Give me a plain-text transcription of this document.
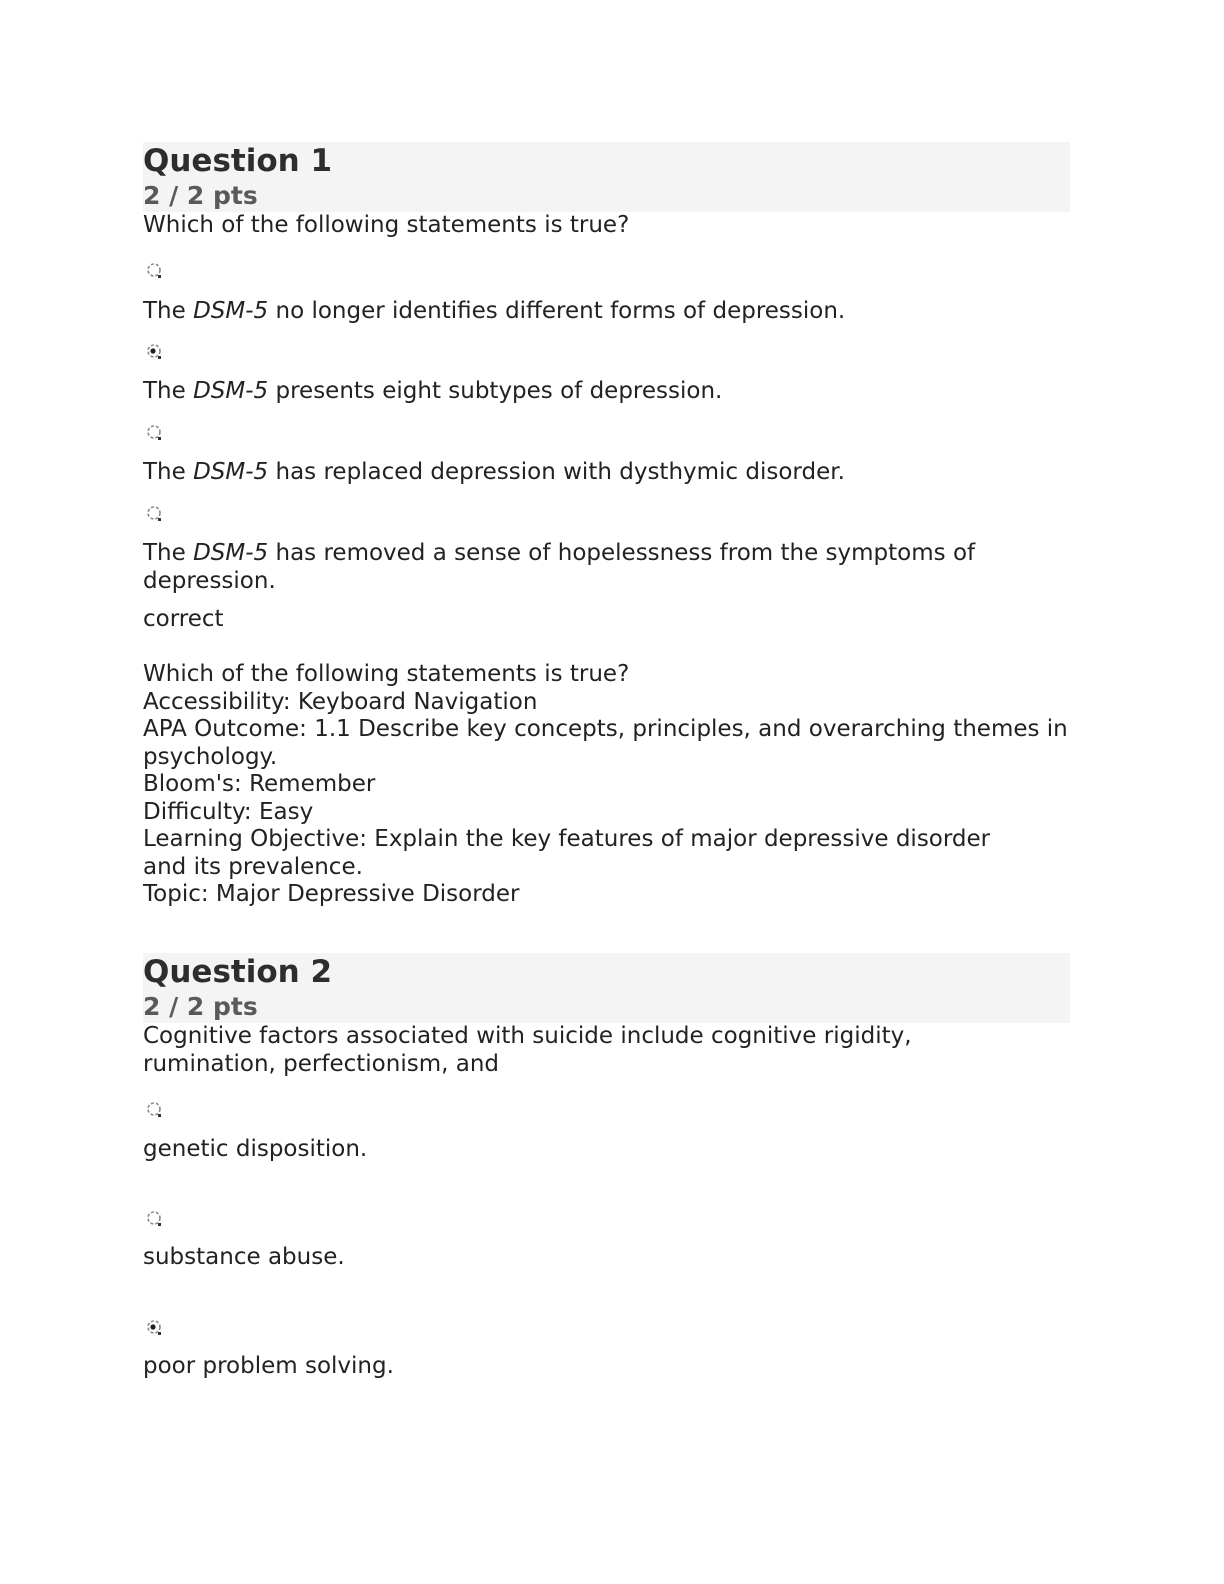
Question 1
2 / 2 pts
Which of the following statements is true?
The DSM-5 no longer identifies different forms of depression.
The DSM-5 presents eight subtypes of depression.
The DSM-5 has replaced depression with dysthymic disorder.
The DSM-5 has removed a sense of hopelessness from the symptoms of depression.
correct
Which of the following statements is true?
Accessibility: Keyboard Navigation
APA Outcome: 1.1 Describe key concepts, principles, and overarching themes in psychology.
Bloom's: Remember
Difficulty: Easy
Learning Objective: Explain the key features of major depressive disorder and its prevalence.
Topic: Major Depressive Disorder
Question 2
2 / 2 pts
Cognitive factors associated with suicide include cognitive rigidity, rumination, perfectionism, and
genetic disposition.
substance abuse.
poor problem solving.
